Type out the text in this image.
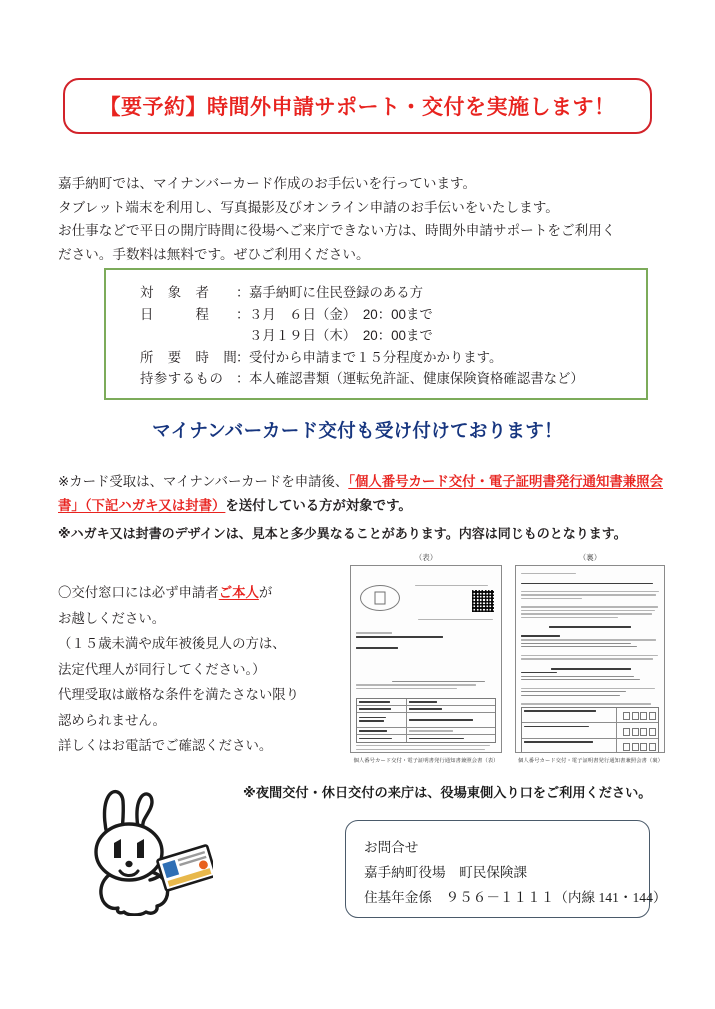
【要予約】時間外申請サポート・交付を実施します！
嘉手納町では、マイナンバーカード作成のお手伝いを行っています。
タブレット端末を利用し、写真撮影及びオンライン申請のお手伝いをいたします。
お仕事などで平日の開庁時間に役場へご来庁できない方は、時間外申請サポートをご利用く
ださい。手数料は無料です。ぜひご利用ください。
対　象　者	： 嘉手納町に住民登録のある方
日　　　程	： ３月　６日（金）　20：00まで
３月１９日（木）　20：00まで
所　要　時　間
： 受付から申請まで１５分程度かかります。
持参するもの ： 本人確認書類（運転免許証、健康保険資格確認書など）
マイナンバーカード交付も受け付けております！
※カード受取は、マイナンバーカードを申請後、「個人番号カード交付・電子証明書発行通知書兼照会書」（下記ハガキ又は封書）を送付している方が対象です。
※ハガキ又は封書のデザインは、見本と多少異なることがあります。内容は同じものとなります。
〇交付窓口には必ず申請者ご本人が
お越しください。
（１５歳未満や成年被後見人の方は、
法定代理人が同行してください。）
代理受取は厳格な条件を満たさない限り
認められません。
詳しくはお電話でご確認ください。
（表）
個人番号カード交付・電子証明書発行通知書兼照会書（表）
（裏）
個人番号カード交付・電子証明書発行通知書兼照会書（裏）
※夜間交付・休日交付の来庁は、役場東側入り口をご利用ください。
お問合せ
嘉手納町役場　町民保険課
住基年金係　９５６－１１１１（内線 141・144）
